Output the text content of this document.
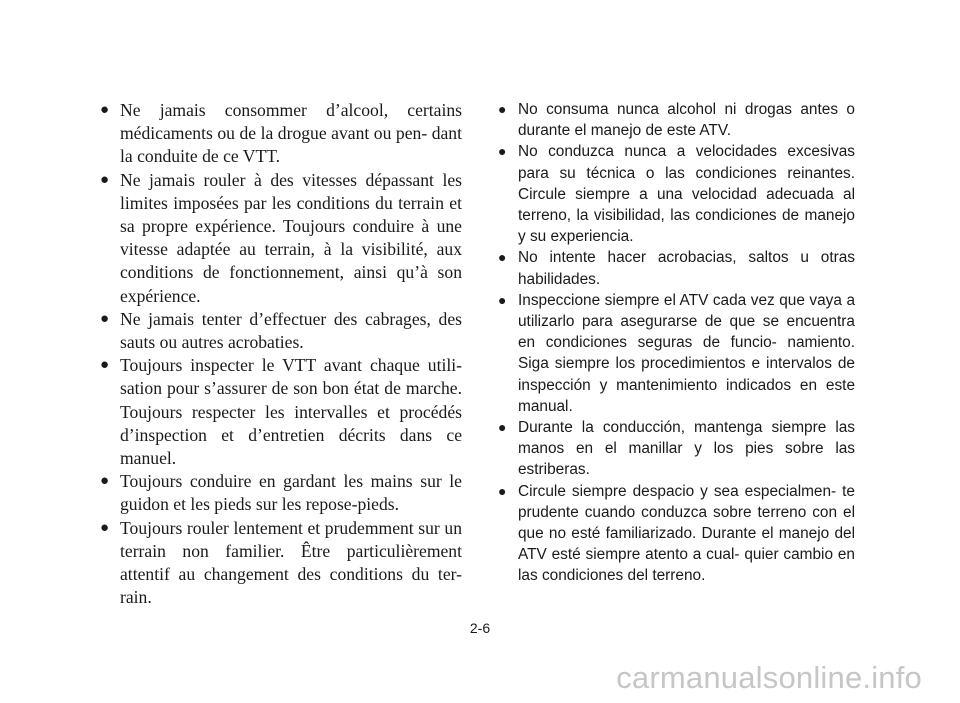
● Ne jamais consommer d’alcool, certains médicaments ou de la drogue avant ou pen- dant la conduite de ce VTT.
● Ne jamais rouler à des vitesses dépassant les limites imposées par les conditions du terrain et sa propre expérience. Toujours conduire à une vitesse adaptée au terrain, à la visibilité, aux conditions de fonctionnement, ainsi qu’à son expérience.
● Ne jamais tenter d’effectuer des cabrages, des sauts ou autres acrobaties.
● Toujours inspecter le VTT avant chaque utili- sation pour s’assurer de son bon état de marche. Toujours respecter les intervalles et procédés d’inspection et d’entretien décrits dans ce manuel.
● Toujours conduire en gardant les mains sur le guidon et les pieds sur les repose-pieds.
● Toujours rouler lentement et prudemment sur un terrain non familier. Être particulièrement attentif au changement des conditions du ter- rain.
● No consuma nunca alcohol ni drogas antes o durante el manejo de este ATV.
● No conduzca nunca a velocidades excesivas para su técnica o las condiciones reinantes. Circule siempre a una velocidad adecuada al terreno, la visibilidad, las condiciones de manejo y su experiencia.
● No intente hacer acrobacias, saltos u otras habilidades.
● Inspeccione siempre el ATV cada vez que vaya a utilizarlo para asegurarse de que se encuentra en condiciones seguras de funcio- namiento. Siga siempre los procedimientos e intervalos de inspección y mantenimiento indicados en este manual.
● Durante la conducción, mantenga siempre las manos en el manillar y los pies sobre las estriberas.
● Circule siempre despacio y sea especialmen- te prudente cuando conduzca sobre terreno con el que no esté familiarizado. Durante el manejo del ATV esté siempre atento a cual- quier cambio en las condiciones del terreno.
2-6
carmanualsonline.info
